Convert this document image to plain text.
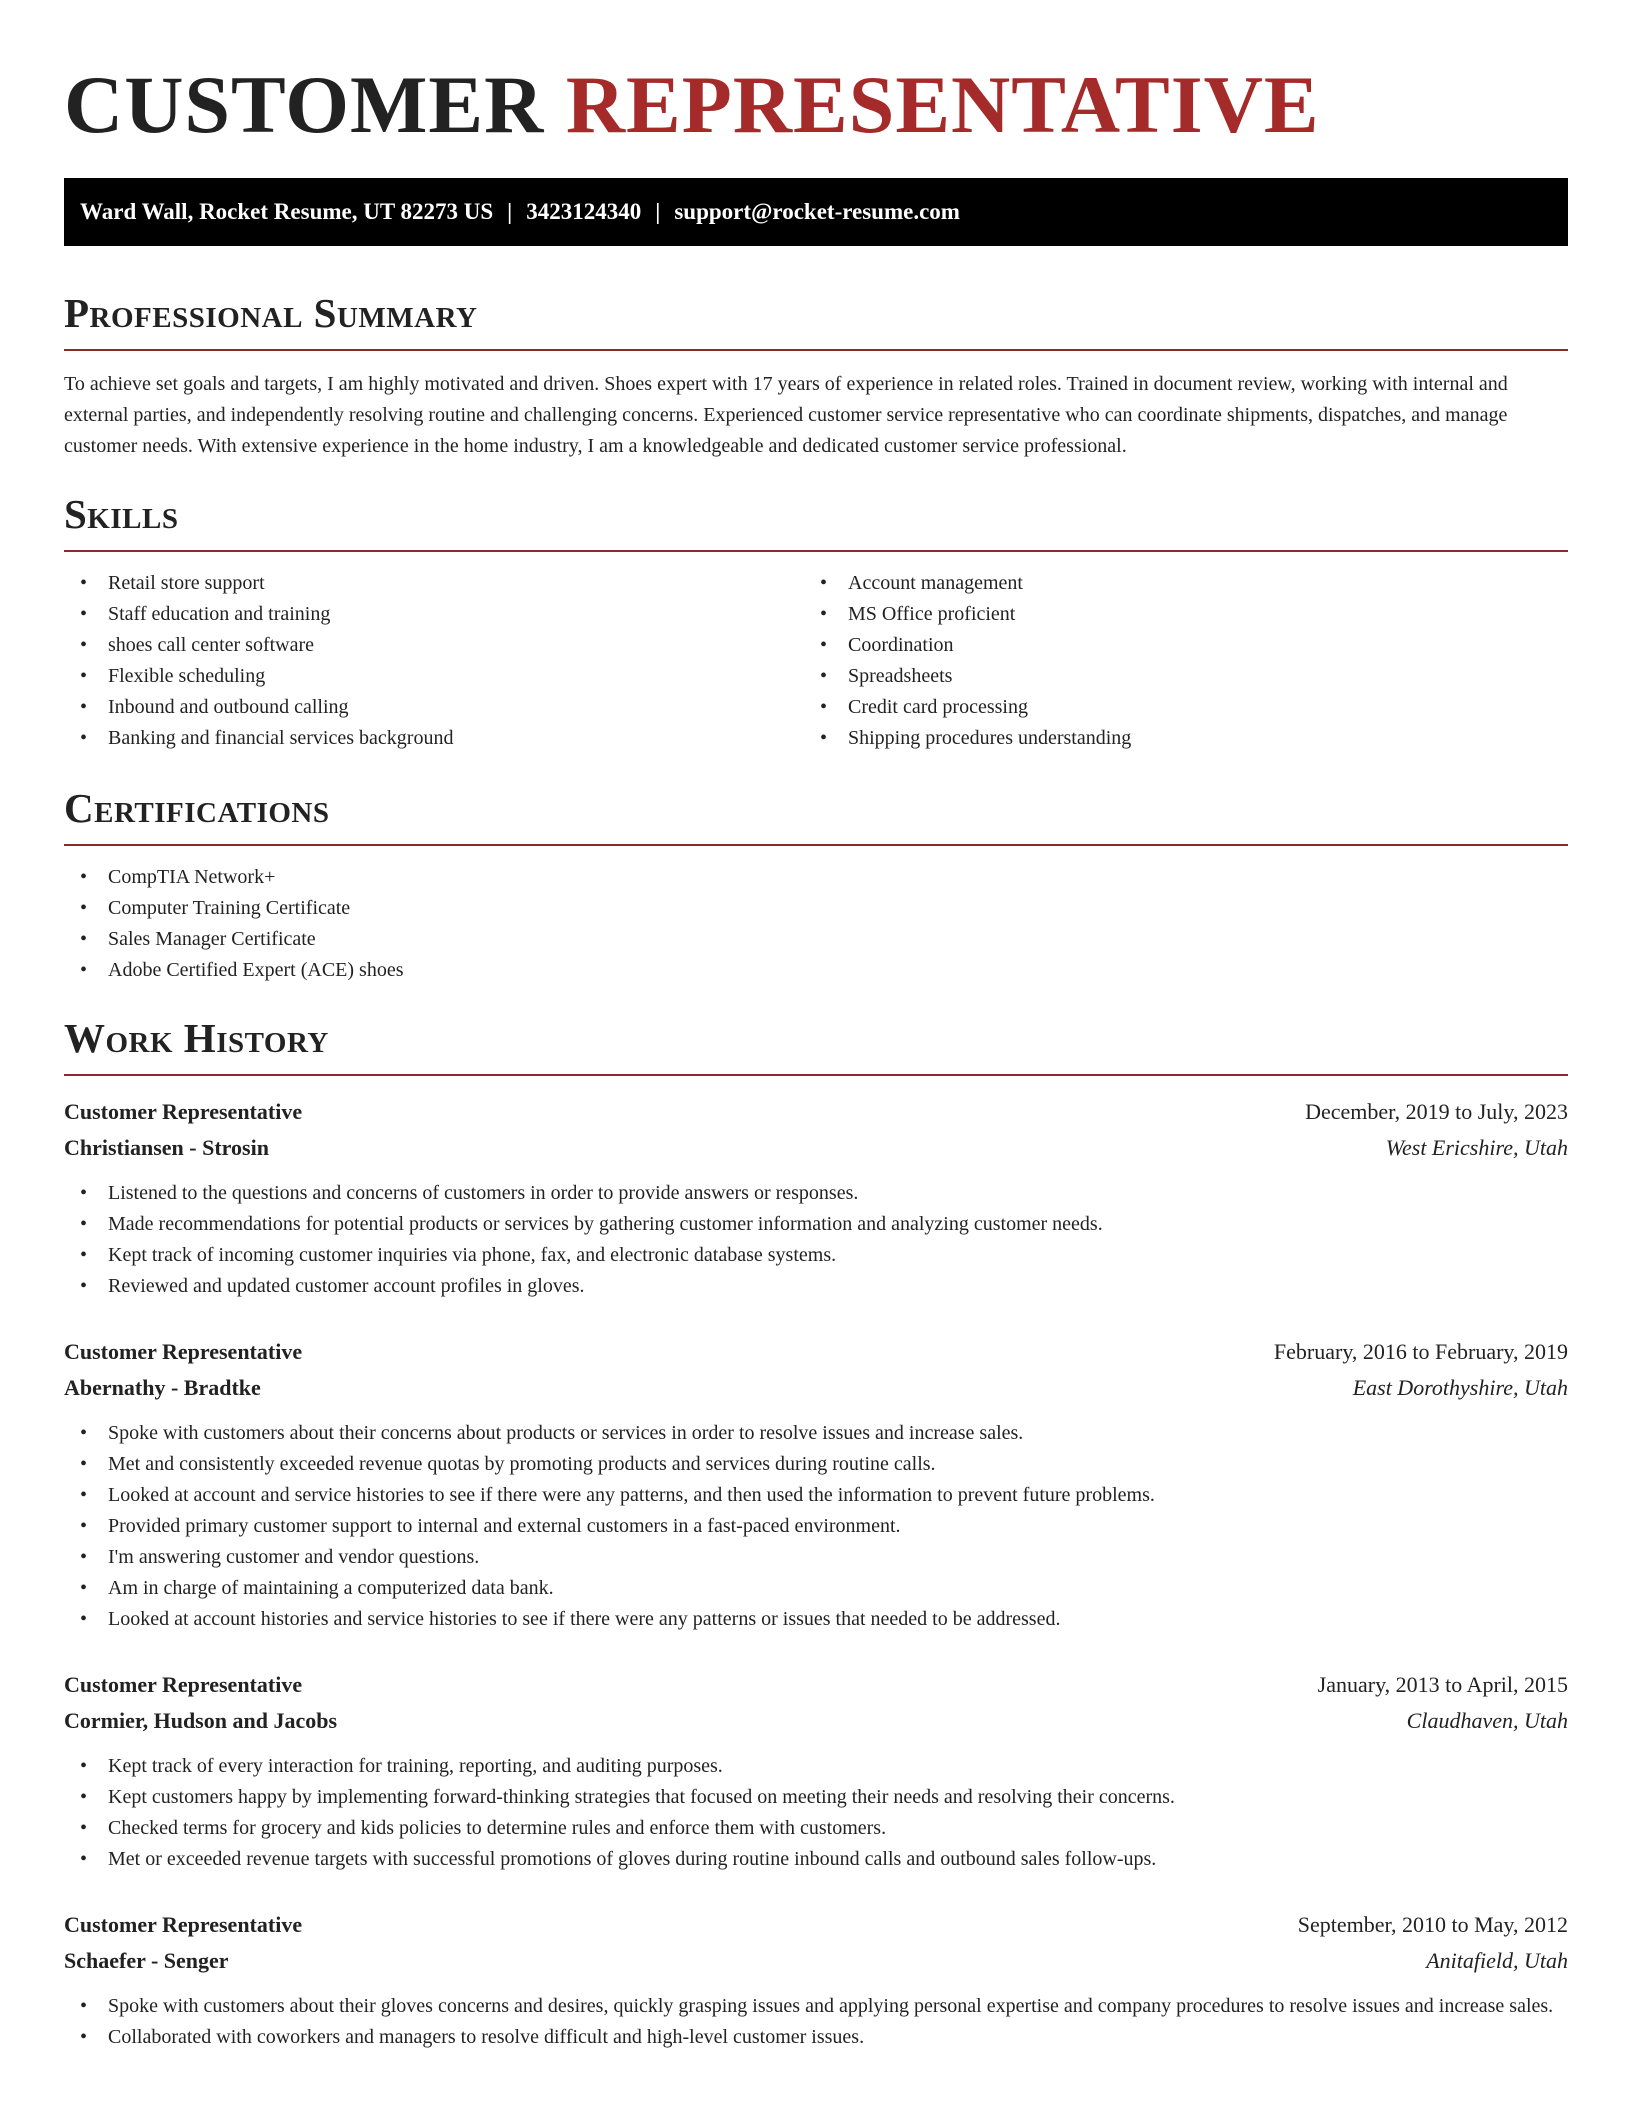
CUSTOMER REPRESENTATIVE
Ward Wall, Rocket Resume, UT 82273 US | 3423124340 | support@rocket-resume.com
Professional Summary

To achieve set goals and targets, I am highly motivated and driven. Shoes expert with 17 years of experience in related roles. Trained in document review, working with internal and external parties, and independently resolving routine and challenging concerns. Experienced customer service representative who can coordinate shipments, dispatches, and manage customer needs. With extensive experience in the home industry, I am a knowledgeable and dedicated customer service professional.

Skills
• Retail store support
• Staff education and training
• shoes call center software
• Flexible scheduling
• Inbound and outbound calling
• Banking and financial services background
• Account management
• MS Office proficient
• Coordination
• Spreadsheets
• Credit card processing
• Shipping procedures understanding
Certifications
• CompTIA Network+
• Computer Training Certificate
• Sales Manager Certificate
• Adobe Certified Expert (ACE) shoes
Work History
Customer Representative	December, 2019 to July, 2023
Christiansen - Strosin	West Ericshire, Utah
• Listened to the questions and concerns of customers in order to provide answers or responses.
• Made recommendations for potential products or services by gathering customer information and analyzing customer needs.
• Kept track of incoming customer inquiries via phone, fax, and electronic database systems.
• Reviewed and updated customer account profiles in gloves.
Customer Representative	February, 2016 to February, 2019
Abernathy - Bradtke	East Dorothyshire, Utah
• Spoke with customers about their concerns about products or services in order to resolve issues and increase sales.
• Met and consistently exceeded revenue quotas by promoting products and services during routine calls.
• Looked at account and service histories to see if there were any patterns, and then used the information to prevent future problems.
• Provided primary customer support to internal and external customers in a fast-paced environment.
• I'm answering customer and vendor questions.
• Am in charge of maintaining a computerized data bank.
• Looked at account histories and service histories to see if there were any patterns or issues that needed to be addressed.
Customer Representative	January, 2013 to April, 2015
Cormier, Hudson and Jacobs	Claudhaven, Utah
• Kept track of every interaction for training, reporting, and auditing purposes.
• Kept customers happy by implementing forward-thinking strategies that focused on meeting their needs and resolving their concerns.
• Checked terms for grocery and kids policies to determine rules and enforce them with customers.
• Met or exceeded revenue targets with successful promotions of gloves during routine inbound calls and outbound sales follow-ups.
Customer Representative	September, 2010 to May, 2012
Schaefer - Senger	Anitafield, Utah
• Spoke with customers about their gloves concerns and desires, quickly grasping issues and applying personal expertise and company procedures to resolve issues and increase sales.
• Collaborated with coworkers and managers to resolve difficult and high-level customer issues.
